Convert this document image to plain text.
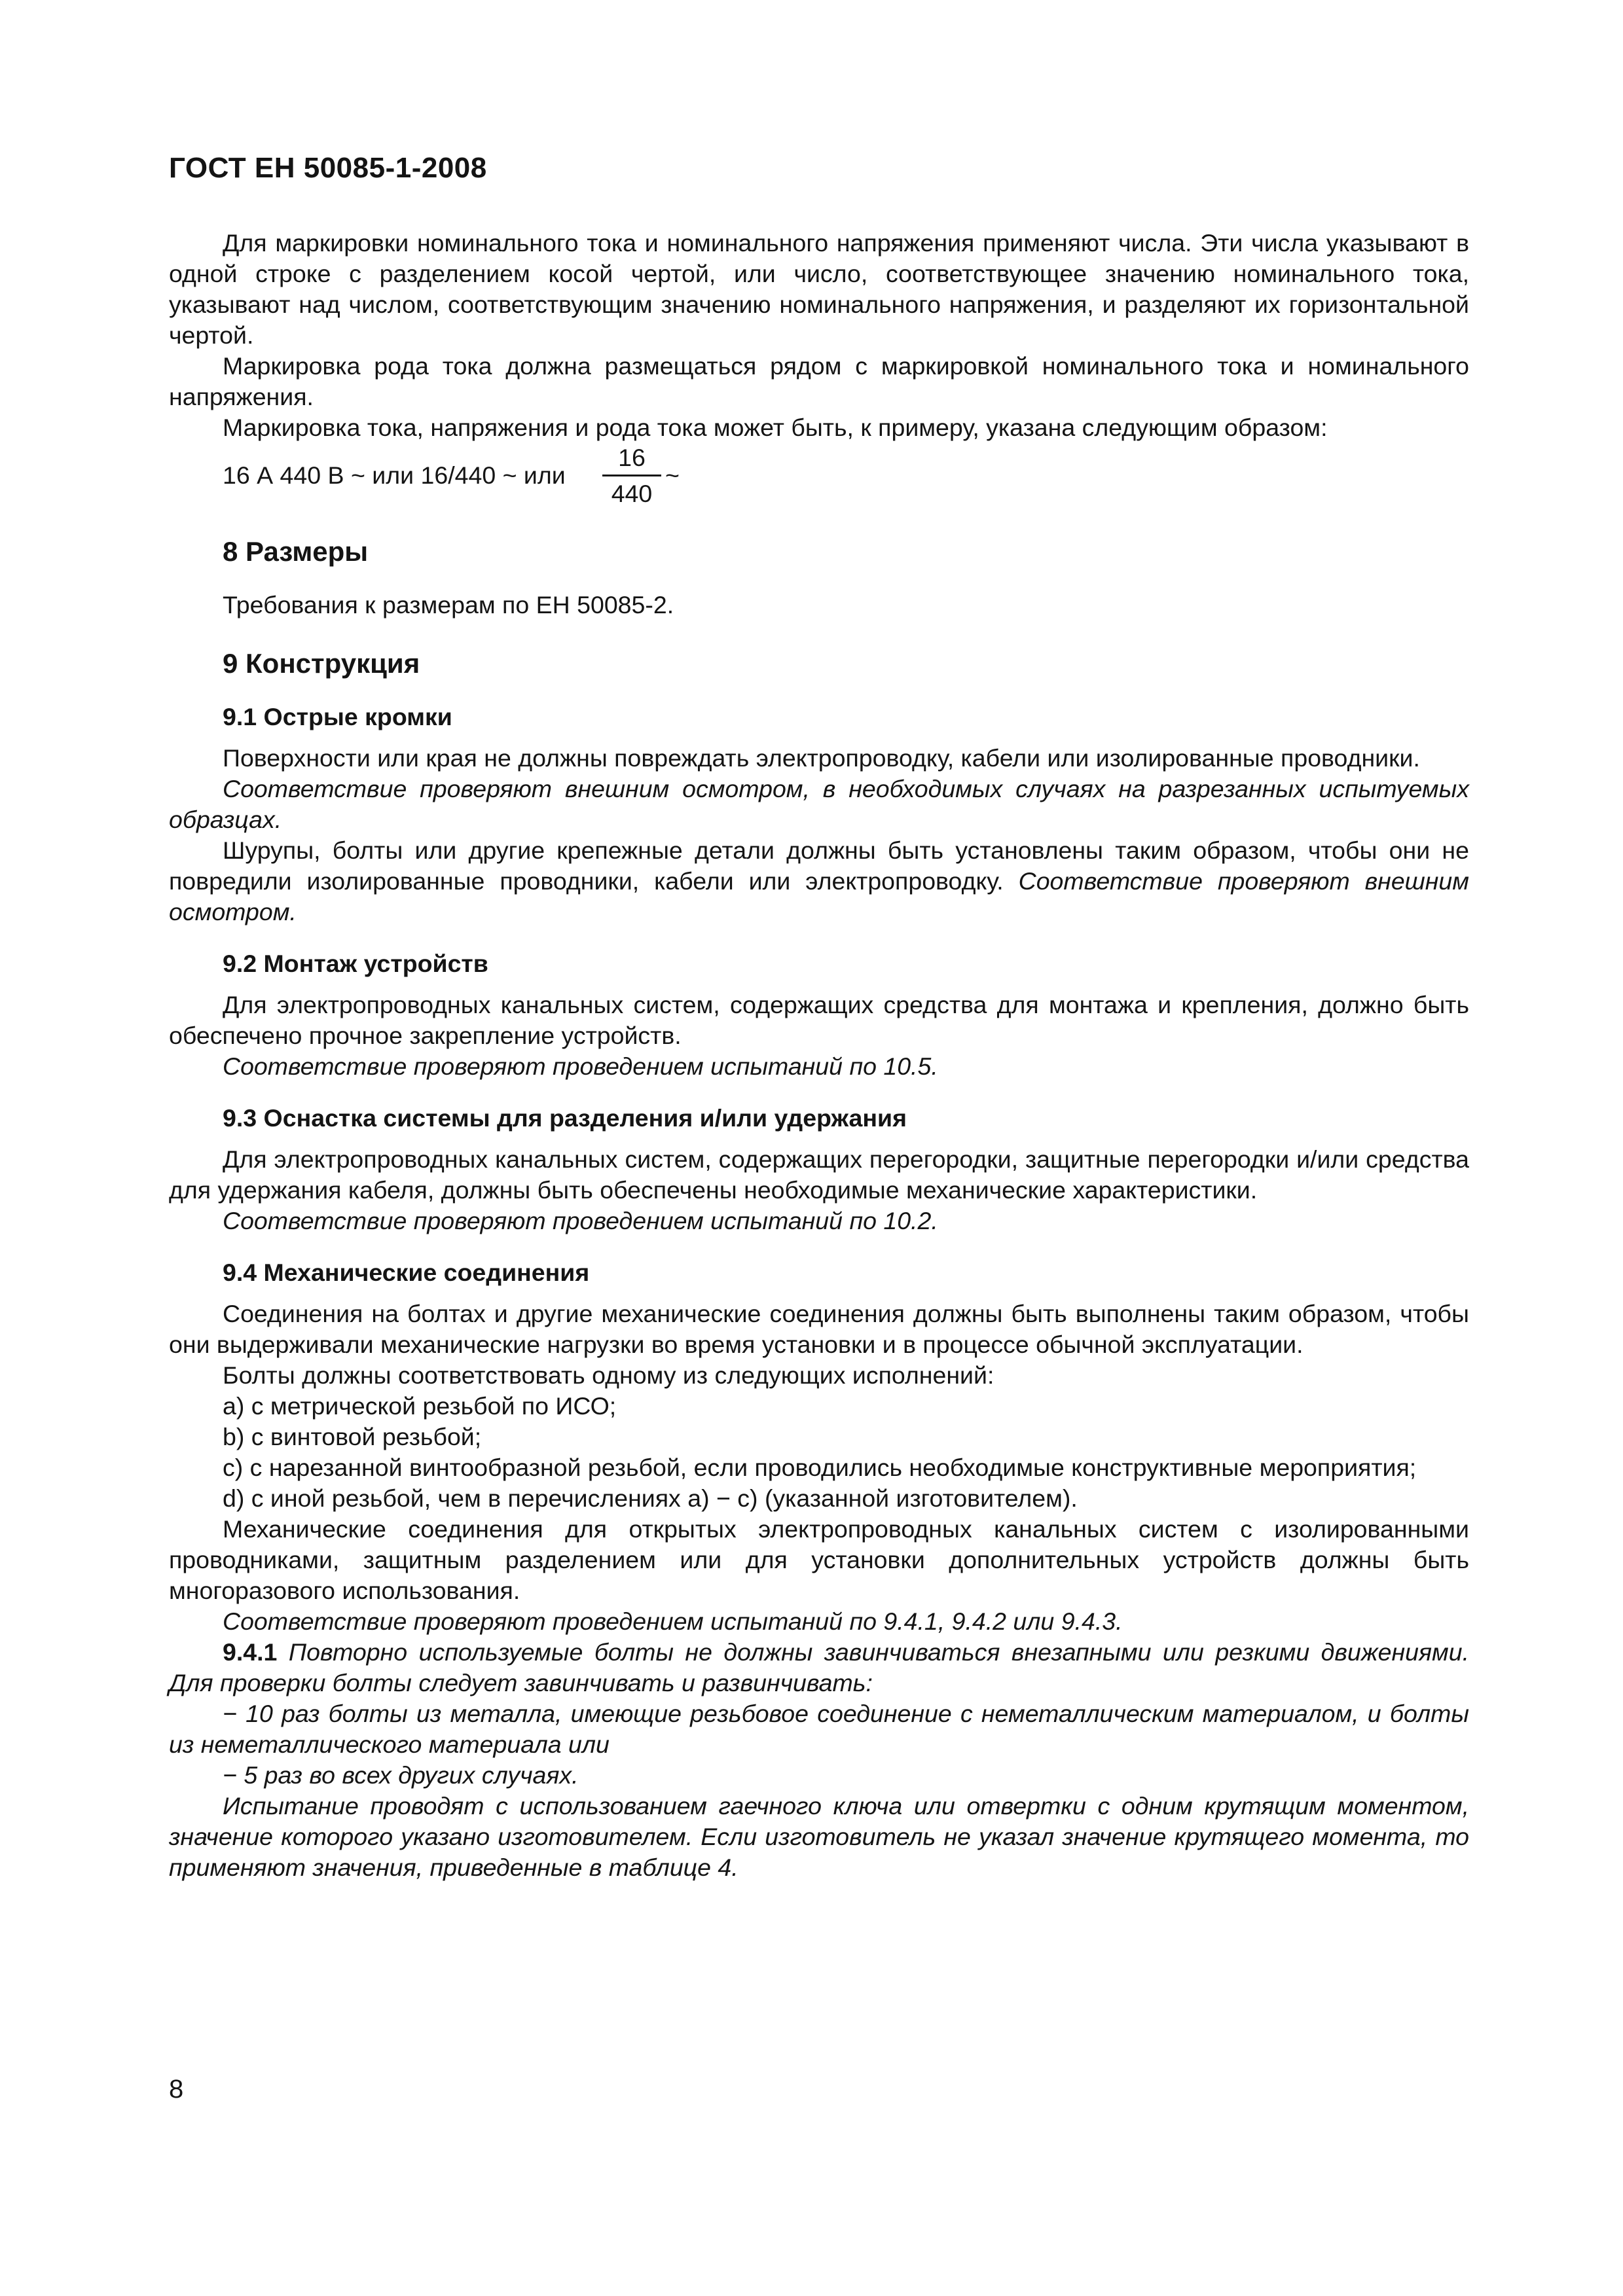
ГОСТ ЕН 50085-1-2008

Для маркировки номинального тока и номинального напряжения применяют числа. Эти числа указывают в одной строке с разделением косой чертой, или число, соответствующее значению номинального тока, указывают над числом, соответствующим значению номинального напряжения, и разделяют их горизонтальной чертой.

Маркировка рода тока должна размещаться рядом с маркировкой номинального тока и номинального напряжения.

Маркировка тока, напряжения и рода тока может быть, к примеру, указана следующим образом:

16 А 440 В ~ или 16/440 ~ или
16
440
~
8 Размеры

Требования к размерам по ЕН 50085-2.

9 Конструкция
9.1 Острые кромки

Поверхности или края не должны повреждать электропроводку, кабели или изолированные проводники.

Соответствие проверяют внешним осмотром, в необходимых случаях на разрезанных испытуемых образцах.

Шурупы, болты или другие крепежные детали должны быть установлены таким образом, чтобы они не повредили изолированные проводники, кабели или электропроводку. Соответствие проверяют внешним осмотром.

9.2 Монтаж устройств

Для электропроводных канальных систем, содержащих средства для монтажа и крепления, должно быть обеспечено прочное закрепление устройств.

Соответствие проверяют проведением испытаний по 10.5.

9.3 Оснастка системы для разделения и/или удержания

Для электропроводных канальных систем, содержащих перегородки, защитные перегородки и/или средства для удержания кабеля, должны быть обеспечены необходимые механические характеристики.

Соответствие проверяют проведением испытаний по 10.2.

9.4 Механические соединения

Соединения на болтах и другие механические соединения должны быть выполнены таким образом, чтобы они выдерживали механические нагрузки во время установки и в процессе обычной эксплуатации.

Болты должны соответствовать одному из следующих исполнений:

а) с метрической резьбой по ИСО;

b) с винтовой резьбой;

с) с нарезанной винтообразной резьбой, если проводились необходимые конструктивные мероприятия;

d) с иной резьбой, чем в перечислениях а) − с) (указанной изготовителем).

Механические соединения для открытых электропроводных канальных систем с изолированными проводниками, защитным разделением или для установки дополнительных устройств должны быть многоразового использования.

Соответствие проверяют проведением испытаний по 9.4.1, 9.4.2 или 9.4.3.

9.4.1 Повторно используемые болты не должны завинчиваться внезапными или резкими движениями. Для проверки болты следует завинчивать и развинчивать:

− 10 раз болты из металла, имеющие резьбовое соединение с неметаллическим материалом, и болты из неметаллического материала или

− 5 раз во всех других случаях.

Испытание проводят с использованием гаечного ключа или отвертки с одним крутящим моментом, значение которого указано изготовителем. Если изготовитель не указал значение крутящего момента, то применяют значения, приведенные в таблице 4.

8
